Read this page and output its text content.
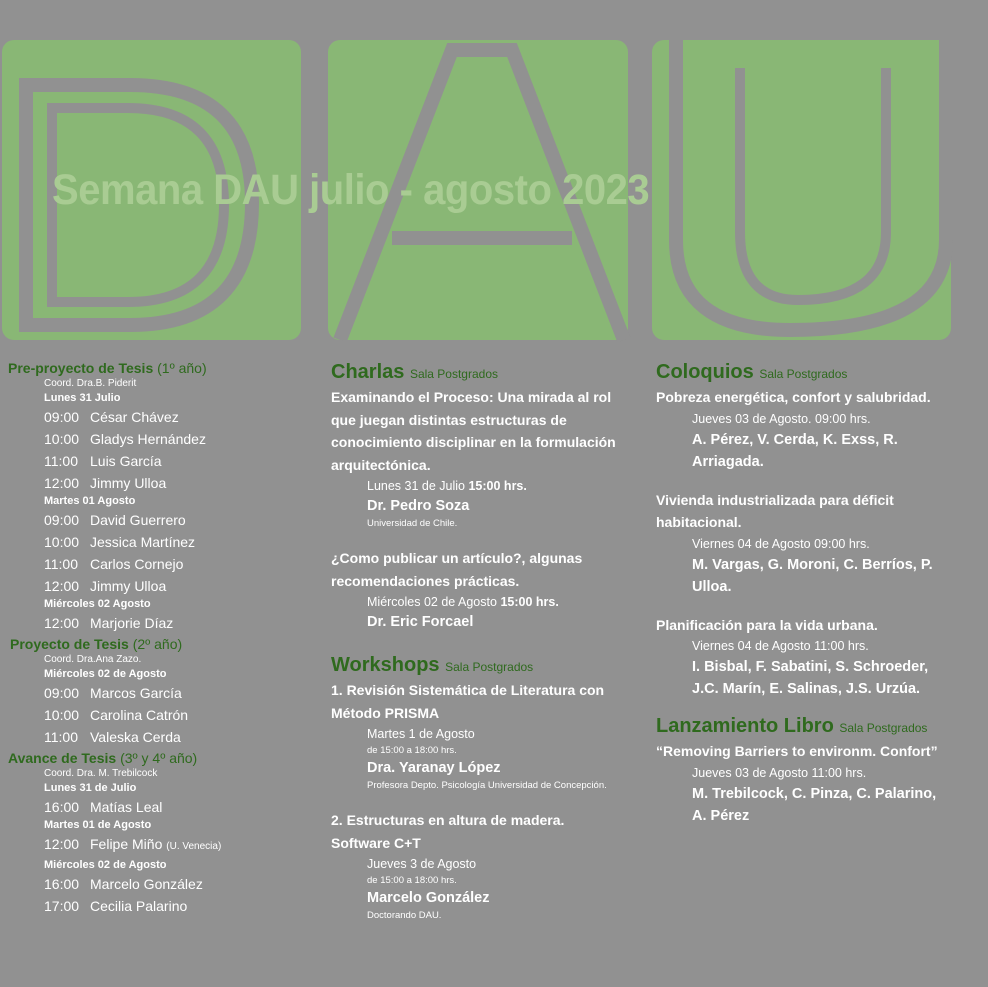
Semana DAU julio - agosto 2023
Pre-proyecto de Tesis (1º año)
Coord. Dra.B. Piderit
Lunes 31 Julio
09:00 César Chávez
10:00 Gladys Hernández
11:00 Luis García
12:00 Jimmy Ulloa
Martes 01 Agosto
09:00 David Guerrero
10:00 Jessica Martínez
11:00 Carlos Cornejo
12:00 Jimmy Ulloa
Miércoles 02 Agosto
12:00 Marjorie Díaz
Proyecto de Tesis (2º año)
Coord. Dra.Ana Zazo.
Miércoles 02 de Agosto
09:00 Marcos García
10:00 Carolina Catrón
11:00 Valeska Cerda
Avance de Tesis (3º y 4º año)
Coord. Dra. M. Trebilcock
Lunes 31 de Julio
16:00 Matías Leal
Martes 01 de Agosto
12:00 Felipe Miño (U. Venecia)
Miércoles 02 de Agosto
16:00 Marcelo González
17:00 Cecilia Palarino
Charlas Sala Postgrados
Examinando el Proceso: Una mirada al rol
que juegan distintas estructuras de
conocimiento disciplinar en la formulación
arquitectónica.
Lunes 31 de Julio 15:00 hrs.
Dr. Pedro Soza
Universidad de Chile.
¿Como publicar un artículo?, algunas
recomendaciones prácticas.
Miércoles 02 de Agosto 15:00 hrs.
Dr. Eric Forcael
Workshops Sala Postgrados
1. Revisión Sistemática de Literatura con
Método PRISMA
Martes 1 de Agosto
de 15:00 a 18:00 hrs.
Dra. Yaranay López
Profesora Depto. Psicología Universidad de Concepción.
2. Estructuras en altura de madera.
Software C+T
Jueves 3 de Agosto
de 15:00 a 18:00 hrs.
Marcelo González
Doctorando DAU.
Coloquios Sala Postgrados
Pobreza energética, confort y salubridad.
Jueves 03 de Agosto. 09:00 hrs.
A. Pérez, V. Cerda, K. Exss, R.
Arriagada.
Vivienda industrializada para déficit
habitacional.
Viernes 04 de Agosto 09:00 hrs.
M. Vargas, G. Moroni, C. Berríos, P.
Ulloa.
Planificación para la vida urbana.
Viernes 04 de Agosto 11:00 hrs.
I. Bisbal, F. Sabatini, S. Schroeder,
J.C. Marín, E. Salinas, J.S. Urzúa.
Lanzamiento Libro Sala Postgrados
“Removing Barriers to environm. Confort”
Jueves 03 de Agosto 11:00 hrs.
M. Trebilcock, C. Pinza, C. Palarino,
A. Pérez
